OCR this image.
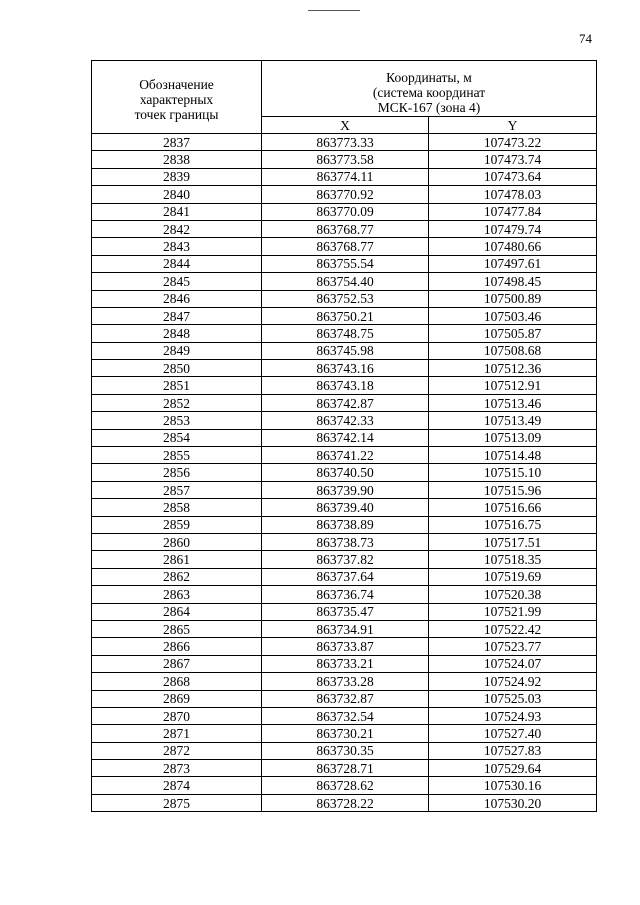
74
Обозначение
характерных
точек границы	Координаты, м
(система координат
МСК-167 (зона 4)	

	X	Y
2837	863773.33	107473.22
2838	863773.58	107473.74
2839	863774.11	107473.64
2840	863770.92	107478.03
2841	863770.09	107477.84
2842	863768.77	107479.74
2843	863768.77	107480.66
2844	863755.54	107497.61
2845	863754.40	107498.45
2846	863752.53	107500.89
2847	863750.21	107503.46
2848	863748.75	107505.87
2849	863745.98	107508.68
2850	863743.16	107512.36
2851	863743.18	107512.91
2852	863742.87	107513.46
2853	863742.33	107513.49
2854	863742.14	107513.09
2855	863741.22	107514.48
2856	863740.50	107515.10
2857	863739.90	107515.96
2858	863739.40	107516.66
2859	863738.89	107516.75
2860	863738.73	107517.51
2861	863737.82	107518.35
2862	863737.64	107519.69
2863	863736.74	107520.38
2864	863735.47	107521.99
2865	863734.91	107522.42
2866	863733.87	107523.77
2867	863733.21	107524.07
2868	863733.28	107524.92
2869	863732.87	107525.03
2870	863732.54	107524.93
2871	863730.21	107527.40
2872	863730.35	107527.83
2873	863728.71	107529.64
2874	863728.62	107530.16
2875	863728.22	107530.20
